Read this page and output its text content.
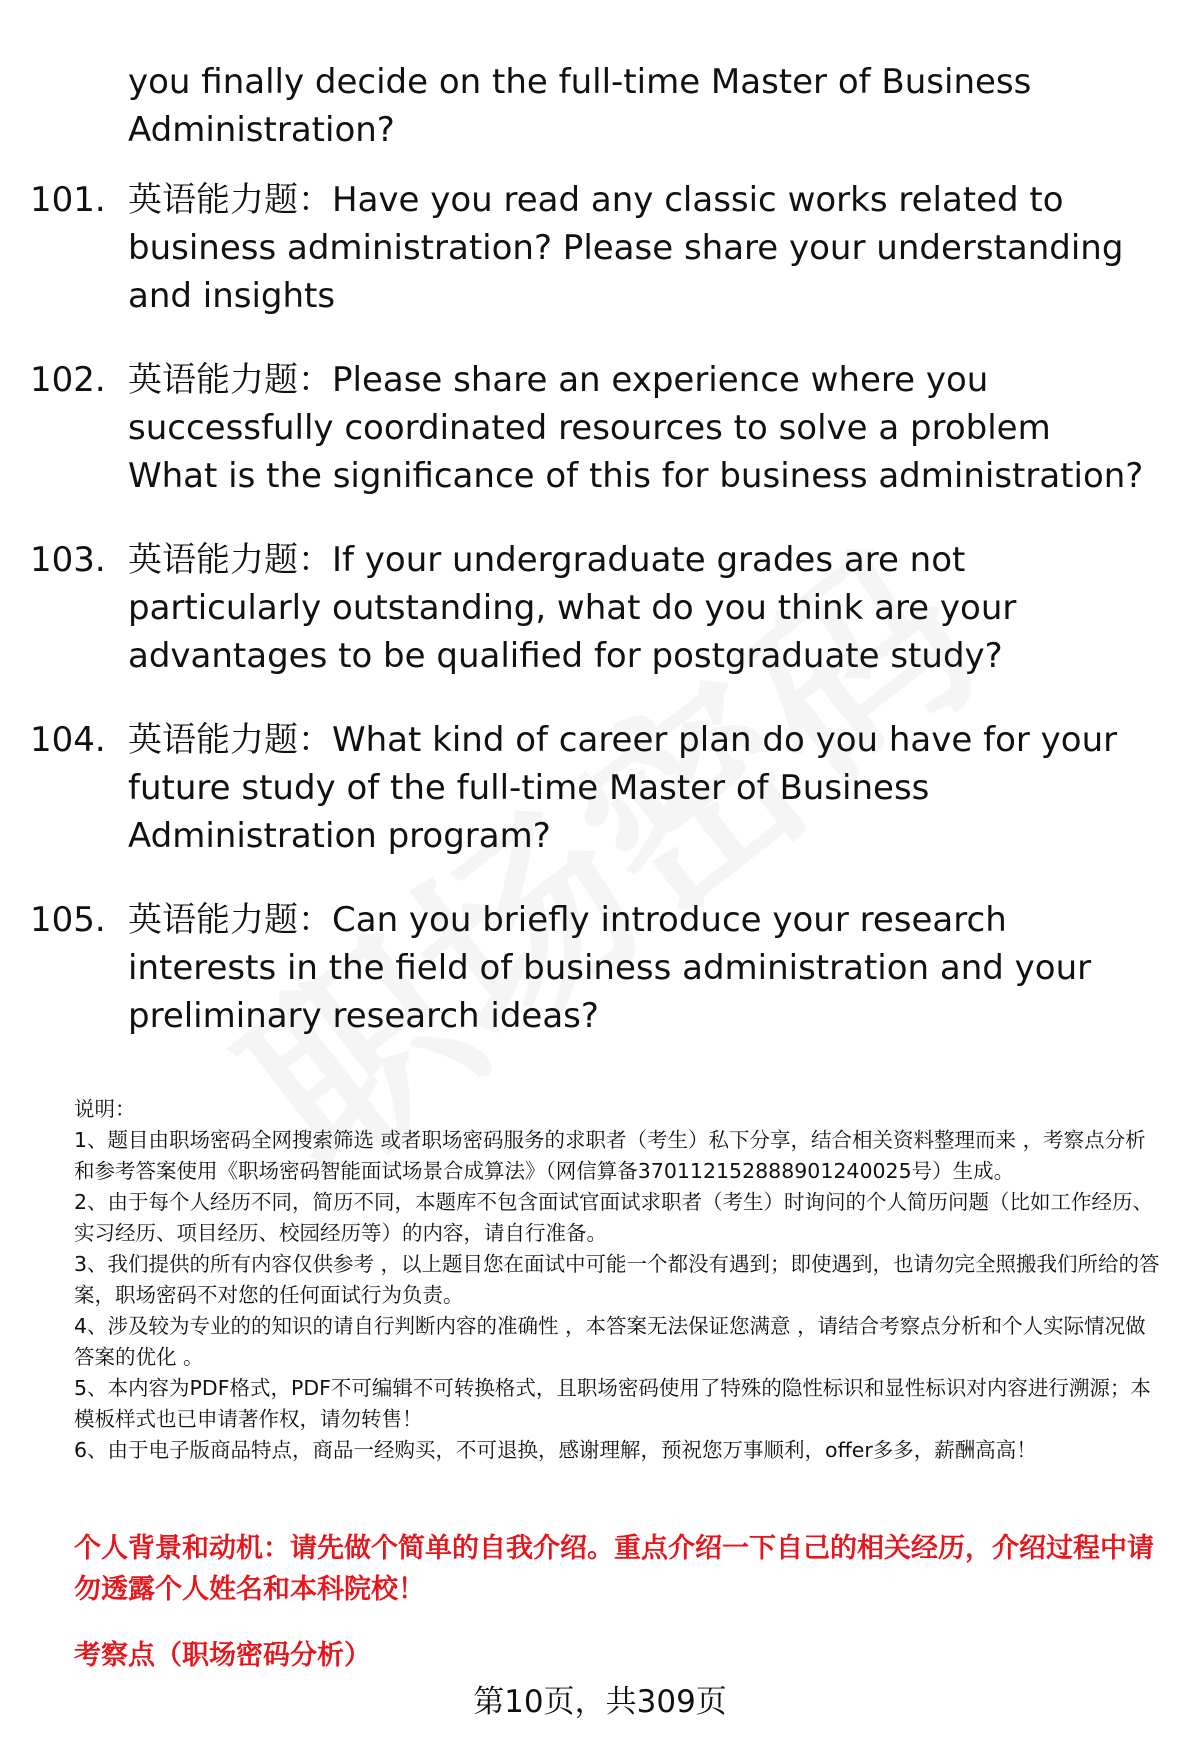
you finally decide on the full-time Master of Business
Administration?
101. 英语能力题：Have you read any classic works related to
business administration? Please share your understanding
and insights
102. 英语能力题：Please share an experience where you
successfully coordinated resources to solve a problem
What is the significance of this for business administration?
103. 英语能力题：If your undergraduate grades are not
particularly outstanding, what do you think are your
advantages to be qualified for postgraduate study?
104. 英语能力题：What kind of career plan do you have for your
future study of the full-time Master of Business
Administration program?
105. 英语能力题：Can you briefly introduce your research
interests in the field of business administration and your
preliminary research ideas?

说明：

1、题目由职场密码全网搜索筛选 或者职场密码服务的求职者（考生）私下分享，结合相关资料整理而来 ，考察点分析和参考答案使用《职场密码智能面试场景合成算法》（网信算备370112152888901240025号）生成。

2、由于每个人经历不同，简历不同，本题库不包含面试官面试求职者（考生）时询问的个人简历问题（比如工作经历、实习经历、项目经历、校园经历等）的内容，请自行准备。

3、我们提供的所有内容仅供参考 ，以上题目您在面试中可能一个都没有遇到；即使遇到，也请勿完全照搬我们所给的答案，职场密码不对您的任何面试行为负责。

4、涉及较为专业的的知识的请自行判断内容的准确性 ，本答案无法保证您满意 ，请结合考察点分析和个人实际情况做答案的优化 。

5、本内容为PDF格式，PDF不可编辑不可转换格式，且职场密码使用了特殊的隐性标识和显性标识对内容进行溯源；本模板样式也已申请著作权，请勿转售！

6、由于电子版商品特点，商品一经购买，不可退换，感谢理解，预祝您万事顺利，offer多多，薪酬高高！

个人背景和动机：请先做个简单的自我介绍。重点介绍一下自己的相关经历，介绍过程中请勿透露个人姓名和本科院校！
考察点（职场密码分析）
第10页，共309页
